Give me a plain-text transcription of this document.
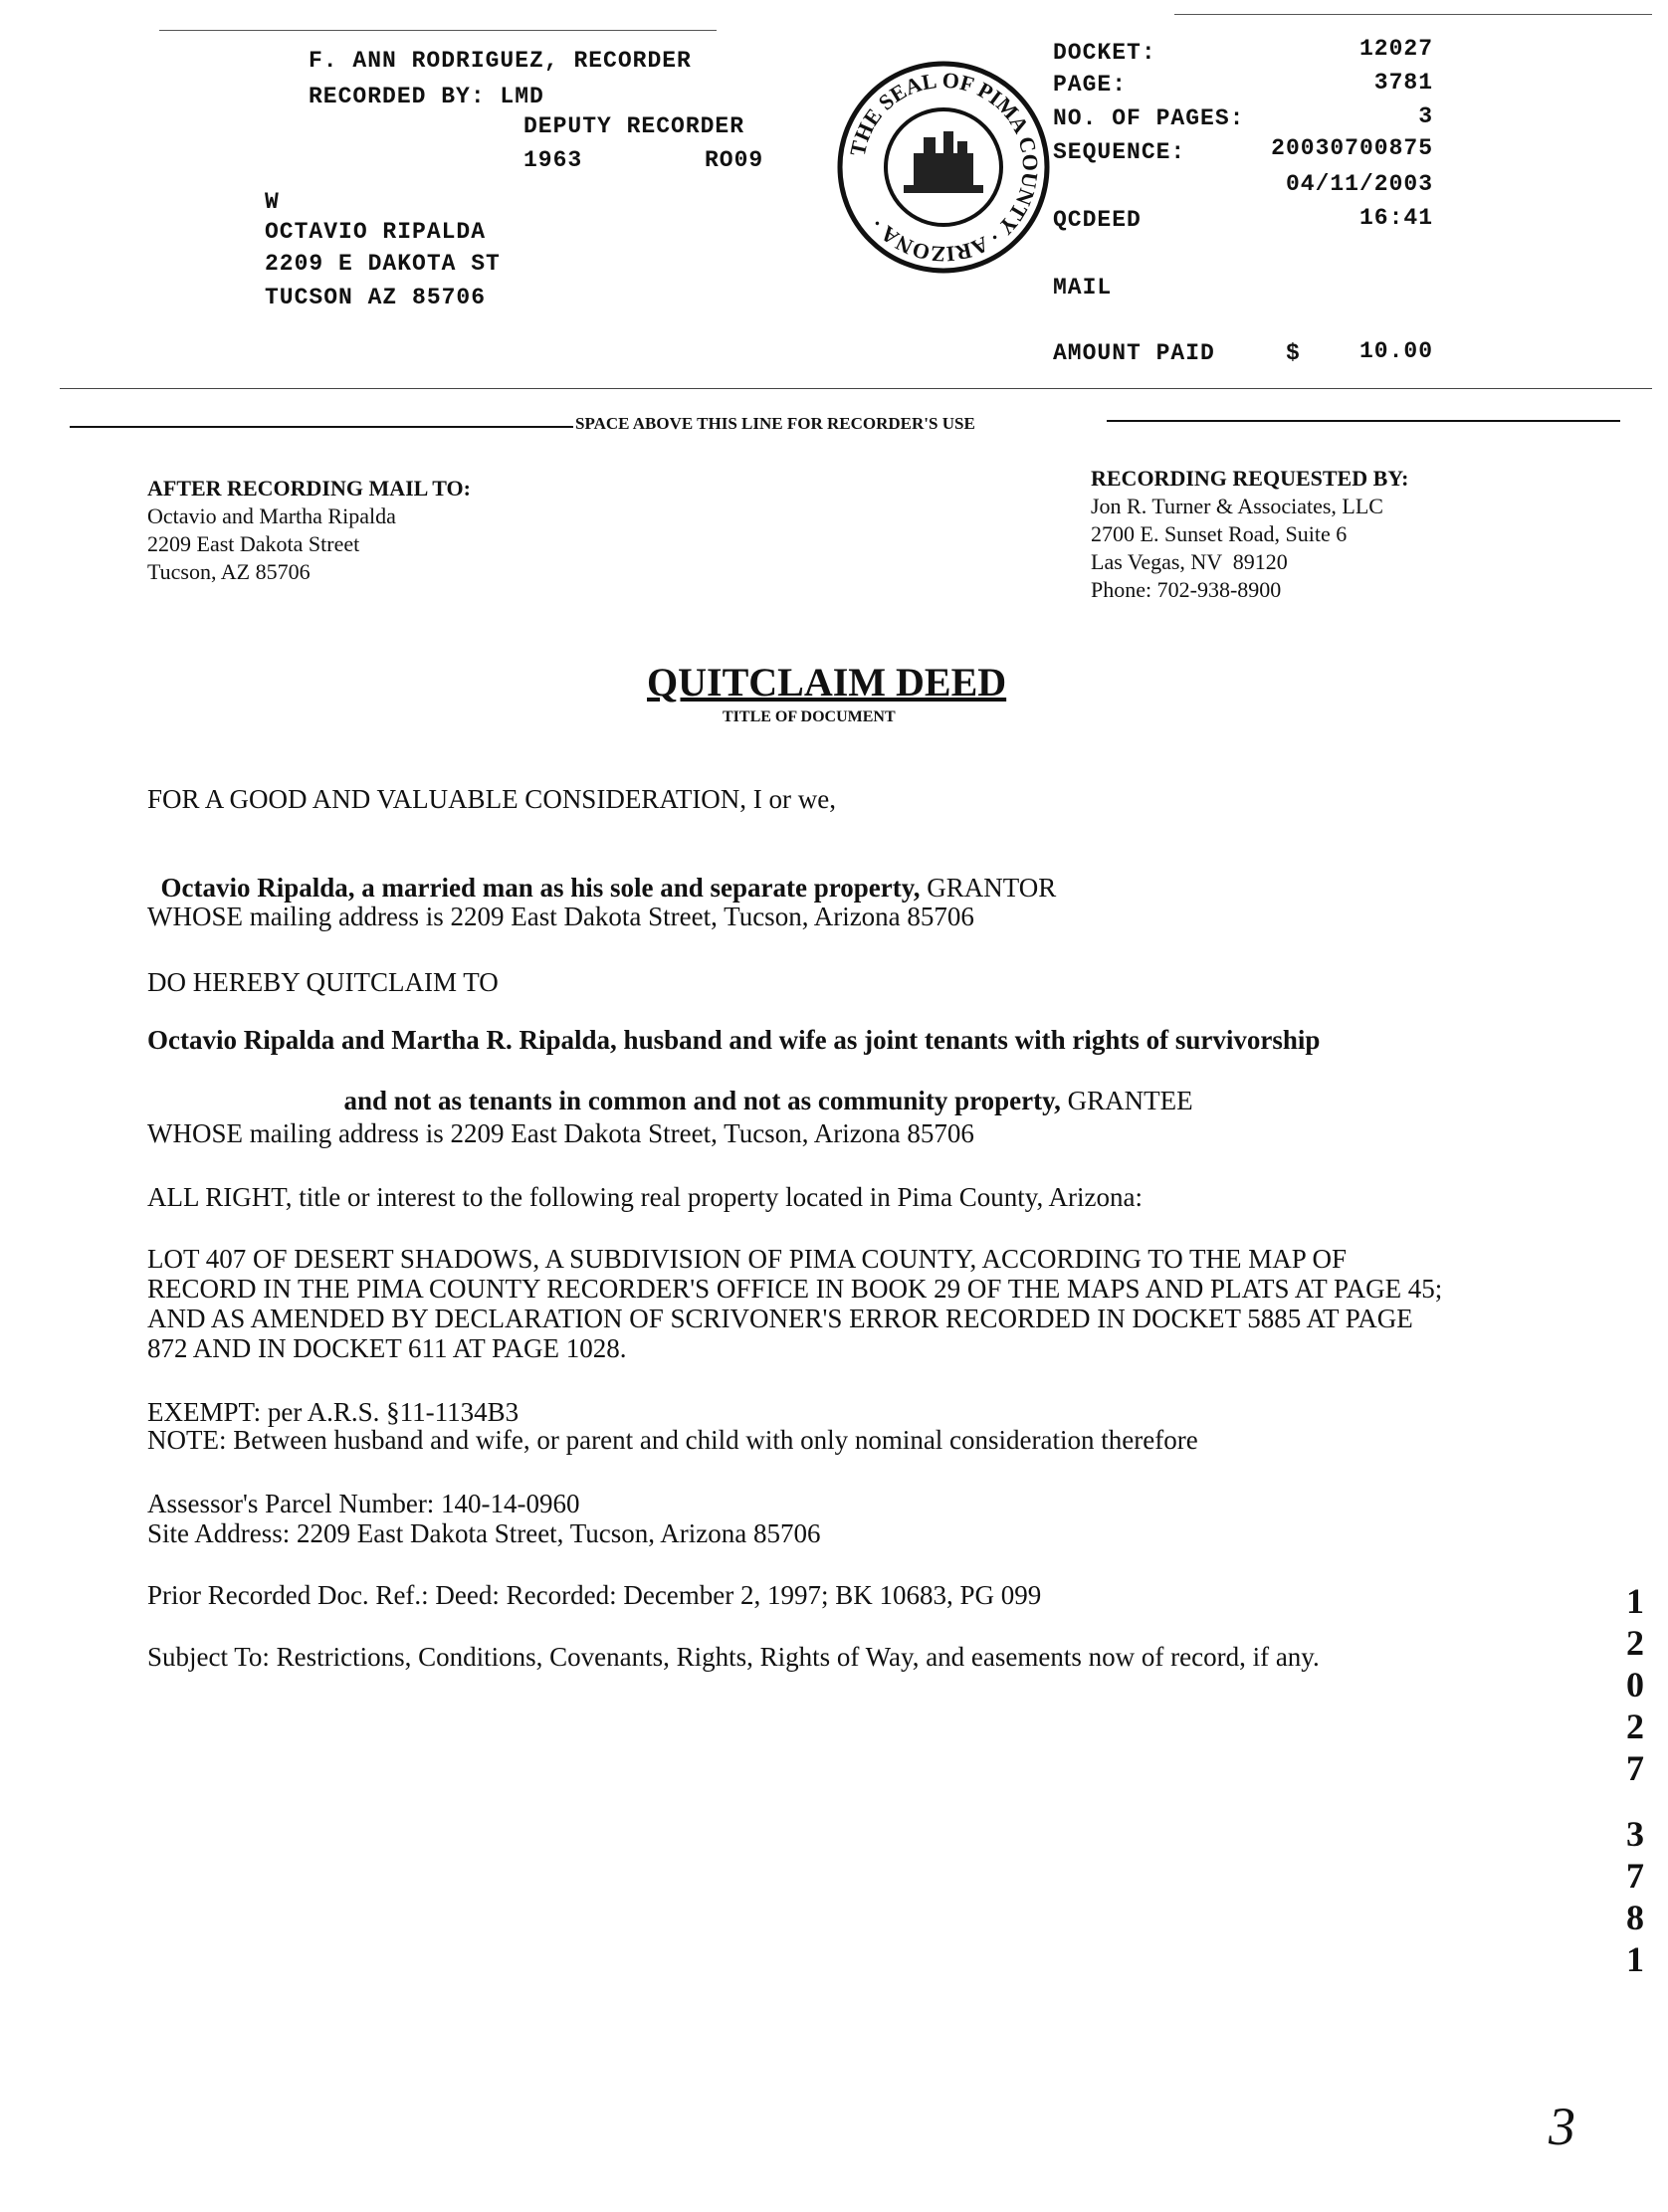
F. ANN RODRIGUEZ, RECORDER
RECORDED BY: LMD
DEPUTY RECORDER
1963	RO09
W
OCTAVIO RIPALDA
2209 E DAKOTA ST
TUCSON AZ 85706
THE SEAL OF PIMA COUNTY · ARIZONA ·
DOCKET:	12027
PAGE:	3781
NO. OF PAGES:	3
SEQUENCE:	20030700875
04/11/2003
QCDEED	16:41
MAIL
AMOUNT PAID	$	10.00
SPACE ABOVE THIS LINE FOR RECORDER'S USE
AFTER RECORDING MAIL TO:
Octavio and Martha Ripalda
2209 East Dakota Street
Tucson, AZ 85706
RECORDING REQUESTED BY:
Jon R. Turner & Associates, LLC
2700 E. Sunset Road, Suite 6
Las Vegas, NV  89120
Phone: 702-938-8900
QUITCLAIM DEED
TITLE OF DOCUMENT
FOR A GOOD AND VALUABLE CONSIDERATION, I or we,

Octavio Ripalda, a married man as his sole and separate property, GRANTOR

WHOSE mailing address is 2209 East Dakota Street, Tucson, Arizona 85706
DO HEREBY QUITCLAIM TO
Octavio Ripalda and Martha R. Ripalda, husband and wife as joint tenants with rights of survivorship

and not as tenants in common and not as community property, GRANTEE

WHOSE mailing address is 2209 East Dakota Street, Tucson, Arizona 85706
ALL RIGHT, title or interest to the following real property located in Pima County, Arizona:
LOT 407 OF DESERT SHADOWS, A SUBDIVISION OF PIMA COUNTY, ACCORDING TO THE MAP OF
RECORD IN THE PIMA COUNTY RECORDER'S OFFICE IN BOOK 29 OF THE MAPS AND PLATS AT PAGE 45;
AND AS AMENDED BY DECLARATION OF SCRIVONER'S ERROR RECORDED IN DOCKET 5885 AT PAGE
872 AND IN DOCKET 611 AT PAGE 1028.
EXEMPT: per A.R.S. §11-1134B3
NOTE: Between husband and wife, or parent and child with only nominal consideration therefore
Assessor's Parcel Number: 140-14-0960
Site Address: 2209 East Dakota Street, Tucson, Arizona 85706
Prior Recorded Doc. Ref.: Deed: Recorded: December 2, 1997; BK 10683, PG 099
Subject To: Restrictions, Conditions, Covenants, Rights, Rights of Way, and easements now of record, if any.
1
2
0
2
7
3
7
8
1
3
